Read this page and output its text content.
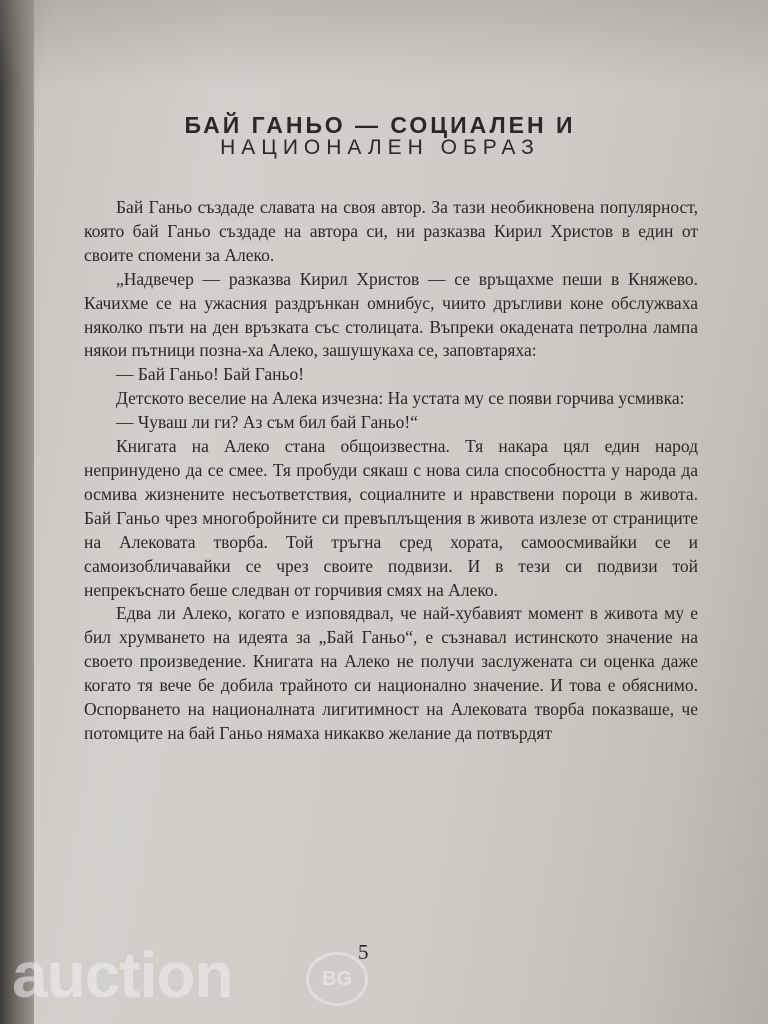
БАЙ ГАНЬО — СОЦИАЛЕН И
НАЦИОНАЛЕН ОБРАЗ

Бай Ганьо създаде славата на своя автор. За тази необикновена популярност, която бай Ганьо създаде на автора си, ни разказва Кирил Христов в един от своите спомени за Алеко.

„Надвечер — разказва Кирил Христов — се връщахме пеши в Княжево. Качихме се на ужасния раздрънкан омнибус, чиито дръгливи коне обслужваха няколко пъти на ден връзката със столицата. Въпреки окадената петролна лампа някои пътници позна-ха Алеко, зашушукаха се, заповтаряха:

— Бай Ганьо! Бай Ганьо!

Детското веселие на Алека изчезна: На устата му се появи горчива усмивка:

— Чуваш ли ги? Аз съм бил бай Ганьо!“

Книгата на Алеко стана общоизвестна. Тя накара цял един народ непринудено да се смее. Тя пробуди сякаш с нова сила способността у народа да осмива жизнените несъответствия, социалните и нравствени пороци в живота. Бай Ганьо чрез многобройните си превъплъщения в живота излезе от страниците на Алековата творба. Той тръгна сред хората, самоосмивайки се и самоизобличавайки се чрез своите подвизи. И в тези си подвизи той непрекъснато беше следван от горчивия смях на Алеко.

Едва ли Алеко, когато е изповядвал, че най-хубавият момент в живота му е бил хрумването на идеята за „Бай Ганьо“, е съзнавал истинското значение на своето произведение. Книгата на Алеко не получи заслужената си оценка даже когато тя вече бе добила трайното си национално значение. И това е обяснимо. Оспорването на националната лигитимност на Алековата творба показваше, че потомците на бай Ганьо нямаха никакво желание да потвърдят

5
auction	BG
